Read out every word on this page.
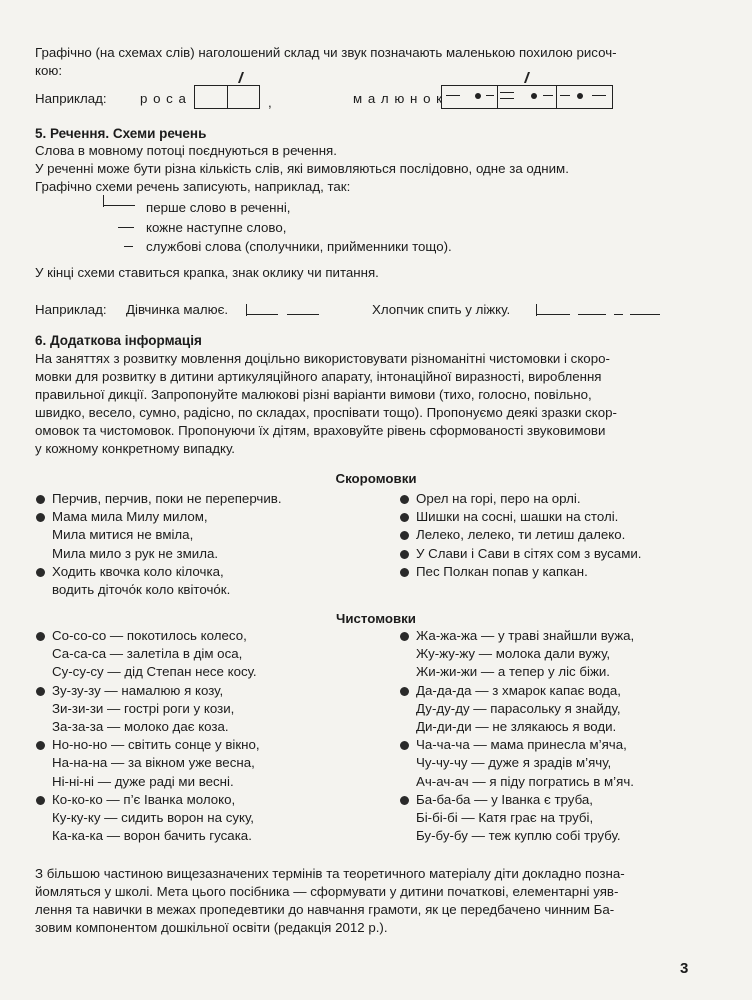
Графічно (на схемах слів) наголошений склад чи звук позначають маленькою похилою рисоч-
кою:
Наприклад:	р о с а	,	м а л ю н о к
5. Речення. Схеми речень
Слова в мовному потоці поєднуються в речення.
У реченні може бути різна кількість слів, які вимовляються послідовно, одне за одним.
Графічно схеми речень записують, наприклад, так:
перше слово в реченні,
кожне наступне слово,
службові слова (сполучники, прийменники тощо).
У кінці схеми ставиться крапка, знак оклику чи питання.
Наприклад: Дівчинка малює.	Хлопчик спить у ліжку.
6. Додаткова інформація
На заняттях з розвитку мовлення доцільно використовувати різноманітні чистомовки і скоро-
мовки для розвитку в дитини артикуляційного апарату, інтонаційної виразності, вироблення
правильної дикції. Запропонуйте малюкові різні варіанти вимови (тихо, голосно, повільно,
швидко, весело, сумно, радісно, по складах, проспівати тощо). Пропонуємо деякі зразки скор-
омовок та чистомовок. Пропонуючи їх дітям, враховуйте рівень сформованості звуковимови
у кожному конкретному випадку.
Скоромовки
Перчив, перчив, поки не переперчив.
Мама мила Милу милом,
Мила митися не вміла,
Мила мило з рук не змила.
Ходить квочка коло кілочка,
водить діточо́к коло квіточо́к.
Орел на горі, перо на орлі.
Шишки на сосні, шашки на столі.
Лелеко, лелеко, ти летиш далеко.
У Слави і Сави в сітях сом з вусами.
Пес Полкан попав у капкан.
Чистомовки
Со-со-со — покотилось колесо,
Са-са-са — залетіла в дім оса,
Су-су-су — дід Степан несе косу.
Зу-зу-зу — намалюю я козу,
Зи-зи-зи — гострі роги у кози,
За-за-за — молоко дає коза.
Но-но-но — світить сонце у вікно,
На-на-на — за вікном уже весна,
Ні-ні-ні — дуже раді ми весні.
Ко-ко-ко — п’є Іванка молоко,
Ку-ку-ку — сидить ворон на суку,
Ка-ка-ка — ворон бачить гусака.
Жа-жа-жа — у траві знайшли вужа,
Жу-жу-жу — молока дали вужу,
Жи-жи-жи — а тепер у ліс біжи.
Да-да-да — з хмарок капає вода,
Ду-ду-ду — парасольку я знайду,
Ди-ди-ди — не злякаюсь я води.
Ча-ча-ча — мама принесла м’яча,
Чу-чу-чу — дуже я зрадів м’ячу,
Ач-ач-ач — я піду погратись в м’яч.
Ба-ба-ба — у Іванка є труба,
Бі-бі-бі — Катя грає на трубі,
Бу-бу-бу — теж куплю собі трубу.
З більшою частиною вищезазначених термінів та теоретичного матеріалу діти докладно позна-
йомляться у школі. Мета цього посібника — сформувати у дитини початкові, елементарні уяв-
лення та навички в межах пропедевтики до навчання грамоти, як це передбачено чинним Ба-
зовим компонентом дошкільної освіти (редакція 2012 р.).
3
